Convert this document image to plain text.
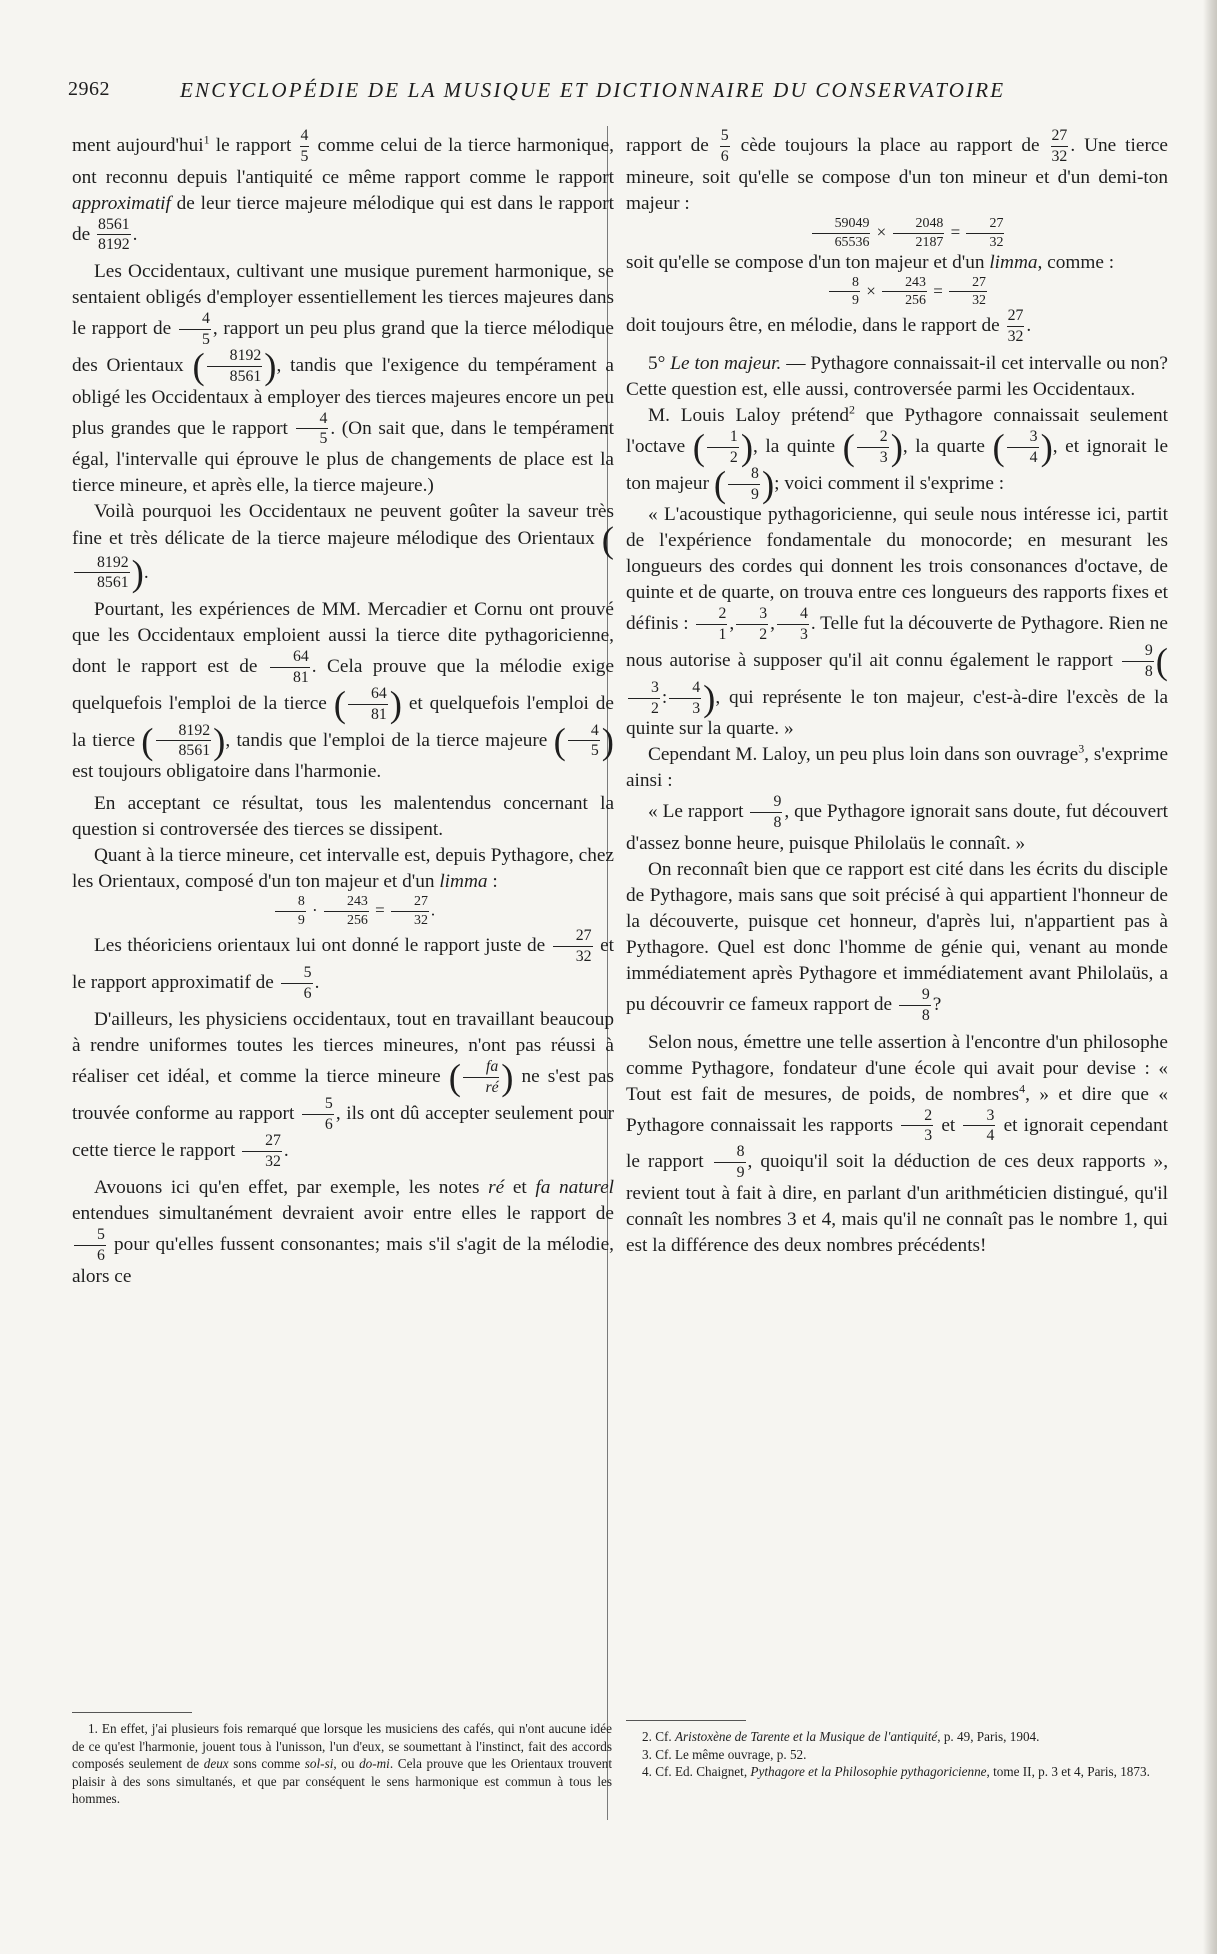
2962	ENCYCLOPÉDIE DE LA MUSIQUE ET DICTIONNAIRE DU CONSERVATOIRE

ment aujourd'hui$^1$ le rapport $\frac{4}{5}$ comme celui de la tierce harmonique, ont reconnu depuis l'antiquité ce même rapport comme le rapport approximatif de leur tierce majeure mélodique qui est dans le rapport de $\frac{8561}{8192}$ .

Les Occidentaux, cultivant une musique purement harmonique, se sentaient obligés d'employer essentiellement les tierces majeures dans le rapport de $\frac{4}{5}$ , rapport un peu plus grand que la tierce mélodique des Orientaux ( $\frac{8192}{8561}$ ), tandis que l'exigence du tempérament a obligé les Occidentaux à employer des tierces majeures encore un peu plus grandes que le rapport $\frac{4}{5}$ . (On sait que, dans le tempérament égal, l'intervalle qui éprouve le plus de changements de place est la tierce mineure, et après elle, la tierce majeure.)

Voilà pourquoi les Occidentaux ne peuvent goûter la saveur très fine et très délicate de la tierce majeure mélodique des Orientaux (
$\frac{8192}{8561}$ ).

Pourtant, les expériences de MM. Mercadier et Cornu ont prouvé que les Occidentaux emploient aussi la tierce dite pythagoricienne, dont le rapport est de $\frac{64}{81}$ . Cela prouve que la mélodie exige quelquefois l'emploi de la tierce ( $\frac{64}{81}$ ) et quelquefois l'emploi de la tierce ( $\frac{8192}{8561}$ ), tandis que l'emploi de la tierce majeure ( $\frac{4}{5}$ ) est toujours obligatoire dans l'harmonie.

En acceptant ce résultat, tous les malentendus concernant la question si controversée des tierces se dissipent.

Quant à la tierce mineure, cet intervalle est, depuis Pythagore, chez les Orientaux, composé d'un ton majeur et d'un limma :

$\frac{8}{9} \cdot \frac{243}{256} = \frac{27}{32}$ .

Les théoriciens orientaux lui ont donné le rapport juste de $\frac{27}{32}$ et le rapport approximatif de $\frac{5}{6}$ .

D'ailleurs, les physiciens occidentaux, tout en travaillant beaucoup à rendre uniformes toutes les tierces mineures, n'ont pas réussi à réaliser cet idéal, et comme la tierce mineure ( $\frac{fa}{ré}$ ) ne s'est pas trouvée conforme au rapport $\frac{5}{6}$ , ils ont dû accepter seulement pour cette tierce le rapport $\frac{27}{32}$ .

Avouons ici qu'en effet, par exemple, les notes ré et fa naturel entendues simultanément devraient avoir entre elles le rapport de
$\frac{5}{6}$ pour qu'elles fussent consonantes; mais s'il s'agit de la mélodie, alors ce

1. En effet, j'ai plusieurs fois remarqué que lorsque les musiciens des cafés, qui n'ont aucune idée de ce qu'est l'harmonie, jouent tous à l'unisson, l'un d'eux, se soumettant à l'instinct, fait des accords composés seulement de deux sons comme sol-si, ou do-mi. Cela prouve que les Orientaux trouvent plaisir à des sons simultanés, et que par conséquent le sens harmonique est commun à tous les hommes.

rapport de $\frac{5}{6}$ cède toujours la place au rapport de $\frac{27}{32}$ . Une tierce mineure, soit qu'elle se compose d'un ton mineur et d'un demi-ton majeur :

$\frac{59049}{65536} \times \frac{2048}{2187} = \frac{27}{32}$

soit qu'elle se compose d'un ton majeur et d'un limma, comme :

$\frac{8}{9} \times \frac{243}{256} = \frac{27}{32}$

doit toujours être, en mélodie, dans le rapport de $\frac{27}{32}$ .

5° Le ton majeur. — Pythagore connaissait-il cet intervalle ou non? Cette question est, elle aussi, controversée parmi les Occidentaux.

M. Louis Laloy prétend$^2$ que Pythagore connaissait seulement l'octave ( $\frac{1}{2}$ ), la quinte ( $\frac{2}{3}$ ), la quarte ( $\frac{3}{4}$ ), et ignorait le ton majeur ( $\frac{8}{9}$ ); voici comment il s'exprime :

« L'acoustique pythagoricienne, qui seule nous intéresse ici, partit de l'expérience fondamentale du monocorde; en mesurant les longueurs des cordes qui donnent les trois consonances d'octave, de quinte et de quarte, on trouva entre ces longueurs des rapports fixes et définis : $\frac{2}{1}$ , $\frac{3}{2}$ , $\frac{4}{3}$ . Telle fut la découverte de Pythagore. Rien ne nous autorise à supposer qu'il ait connu également le rapport $\frac{9}{8}$ (
$\frac{3}{2}$ : $\frac{4}{3}$ ), qui représente le ton majeur, c'est-à-dire l'excès de la quinte sur la quarte. »

Cependant M. Laloy, un peu plus loin dans son ouvrage$^3$, s'exprime ainsi :

« Le rapport $\frac{9}{8}$ , que Pythagore ignorait sans doute, fut découvert d'assez bonne heure, puisque Philolaüs le connaît. »

On reconnaît bien que ce rapport est cité dans les écrits du disciple de Pythagore, mais sans que soit précisé à qui appartient l'honneur de la découverte, puisque cet honneur, d'après lui, n'appartient pas à Pythagore. Quel est donc l'homme de génie qui, venant au monde immédiatement après Pythagore et immédiatement avant Philolaüs, a pu découvrir ce fameux rapport de $\frac{9}{8}$ ?

Selon nous, émettre une telle assertion à l'encontre d'un philosophe comme Pythagore, fondateur d'une école qui avait pour devise : « Tout est fait de mesures, de poids, de nombres$^4$, » et dire que « Pythagore connaissait les rapports $\frac{2}{3}$ et $\frac{3}{4}$ et ignorait cependant le rapport $\frac{8}{9}$ , quoiqu'il soit la déduction de ces deux rapports », revient tout à fait à dire, en parlant d'un arithméticien distingué, qu'il connaît les nombres 3 et 4, mais qu'il ne connaît pas le nombre 1, qui est la différence des deux nombres précédents!

2. Cf. Aristoxène de Tarente et la Musique de l'antiquité, p. 49, Paris, 1904.

3. Cf. Le même ouvrage, p. 52.

4. Cf. Ed. Chaignet, Pythagore et la Philosophie pythagoricienne, tome II, p. 3 et 4, Paris, 1873.
